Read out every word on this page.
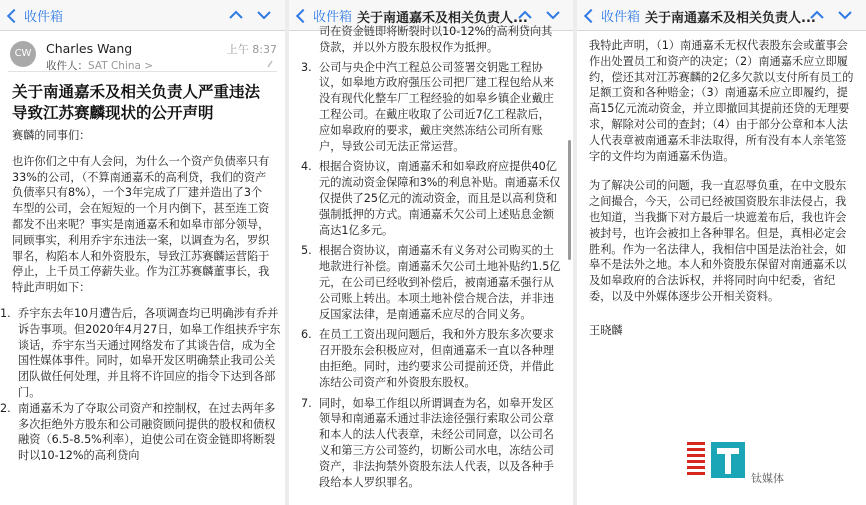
收件箱
CW	Charles Wang	上午 8:37
收件人：SAT China >
关于南通嘉禾及相关负责人严重违法导致江苏赛麟现状的公开声明

赛麟的同事们：

也许你们之中有人会问，为什么一个资产负债率只有33%的公司，（不算南通嘉禾的高利贷，我们的资产负债率只有8%），一个3年完成了厂建并造出了3个车型的公司，会在短短的一个月内倒下，甚至连工资都发不出来呢？事实是南通嘉禾和如皋市部分领导，同顾事实，利用乔宇东违法一案，以调查为名，罗织罪名，构陷本人和外资股东，导致江苏赛麟运营陷于停止，上千员工停薪失业。作为江苏赛麟董事长，我特此声明如下：

1. 乔宇东去年10月遭告后，各项调查均已明确涉有乔并诉告事项。但2020年4月27日，如皋工作组挟乔宇东谈话，乔宇东当天通过网络发布了其谈告信，成为全国性媒体事件。同时，如皋开发区明确禁止我司公关团队做任何处理，并且将不许回应的指令下达到各部门。
2. 南通嘉禾为了夺取公司资产和控制权，在过去两年多多次拒绝外方股东和公司融资顾问提供的股权和债权融资（6.5-8.5%利率），迫使公司在资金链即将断裂时以10-12%的高利贷向
收件箱 关于南通嘉禾及相关负责人...

司在资金链即将断裂时以10-12%的高利贷向其贷款，并以外方股东股权作为抵押。

3. 公司与央企中汽工程总公司签署交钥匙工程协议，如皋地方政府强压公司把厂建工程包给从来没有现代化整车厂工程经验的如皋乡镇企业戴庄工程公司。在戴庄收取了公司近7亿工程款后，应如皋政府的要求，戴庄突然冻结公司所有账户，导致公司无法正常运营。
4. 根据合资协议，南通嘉禾和如皋政府应提供40亿元的流动资金保障和3%的利息补贴。南通嘉禾仅仅提供了25亿元的流动资金，而且是以高利贷和强制抵押的方式。南通嘉禾欠公司上述贴息金额高达1亿多元。
5. 根据合资协议，南通嘉禾有义务对公司购买的土地款进行补偿。南通嘉禾欠公司土地补贴约1.5亿元，在公司已经收到补偿后，被南通嘉禾强行从公司账上转出。本项土地补偿合规合法，并非违反国家法律，是南通嘉禾应尽的合同义务。
6. 在员工工资出现问题后，我和外方股东多次要求召开股东会积极应对，但南通嘉禾一直以各种理由拒绝。同时，违约要求公司提前还贷，并借此冻结公司资产和外资股东股权。
7. 同时，如皋工作组以所谓调查为名，如皋开发区领导和南通嘉禾通过非法途径强行索取公司公章和本人的法人代表章，未经公司同意，以公司名义和第三方公司签约，切断公司水电，冻结公司资产，非法拘禁外资股东法人代表，以及各种手段给本人罗织罪名。
收件箱 关于南通嘉禾及相关负责人...

我特此声明，（1）南通嘉禾无权代表股东会或董事会作出处置员工和资产的决定；（2）南通嘉禾应立即履约，偿还其对江苏赛麟的2亿多欠款以支付所有员工的足额工资和各种赔金；（3）南通嘉禾应立即履约，提高15亿元流动资金，并立即撤回其提前还贷的无理要求，解除对公司的查封；（4）由于部分公章和本人法人代表章被南通嘉禾非法取得，所有没有本人亲笔签字的文件均为南通嘉禾伪造。

为了解决公司的问题，我一直忍辱负重，在中文股东之间撮合，今天，公司已经被国资股东非法侵占，我也知道，当我撕下对方最后一块遮羞布后，我也许会被封号，也许会被扣上各种罪名。但是，真相必定会胜利。作为一名法律人，我相信中国是法治社会，如皋不是法外之地。本人和外资股东保留对南通嘉禾以及如皋政府的合法诉权，并将同时向中纪委，省纪委，以及中外媒体逐步公开相关资料。

王晓麟

钛媒体
